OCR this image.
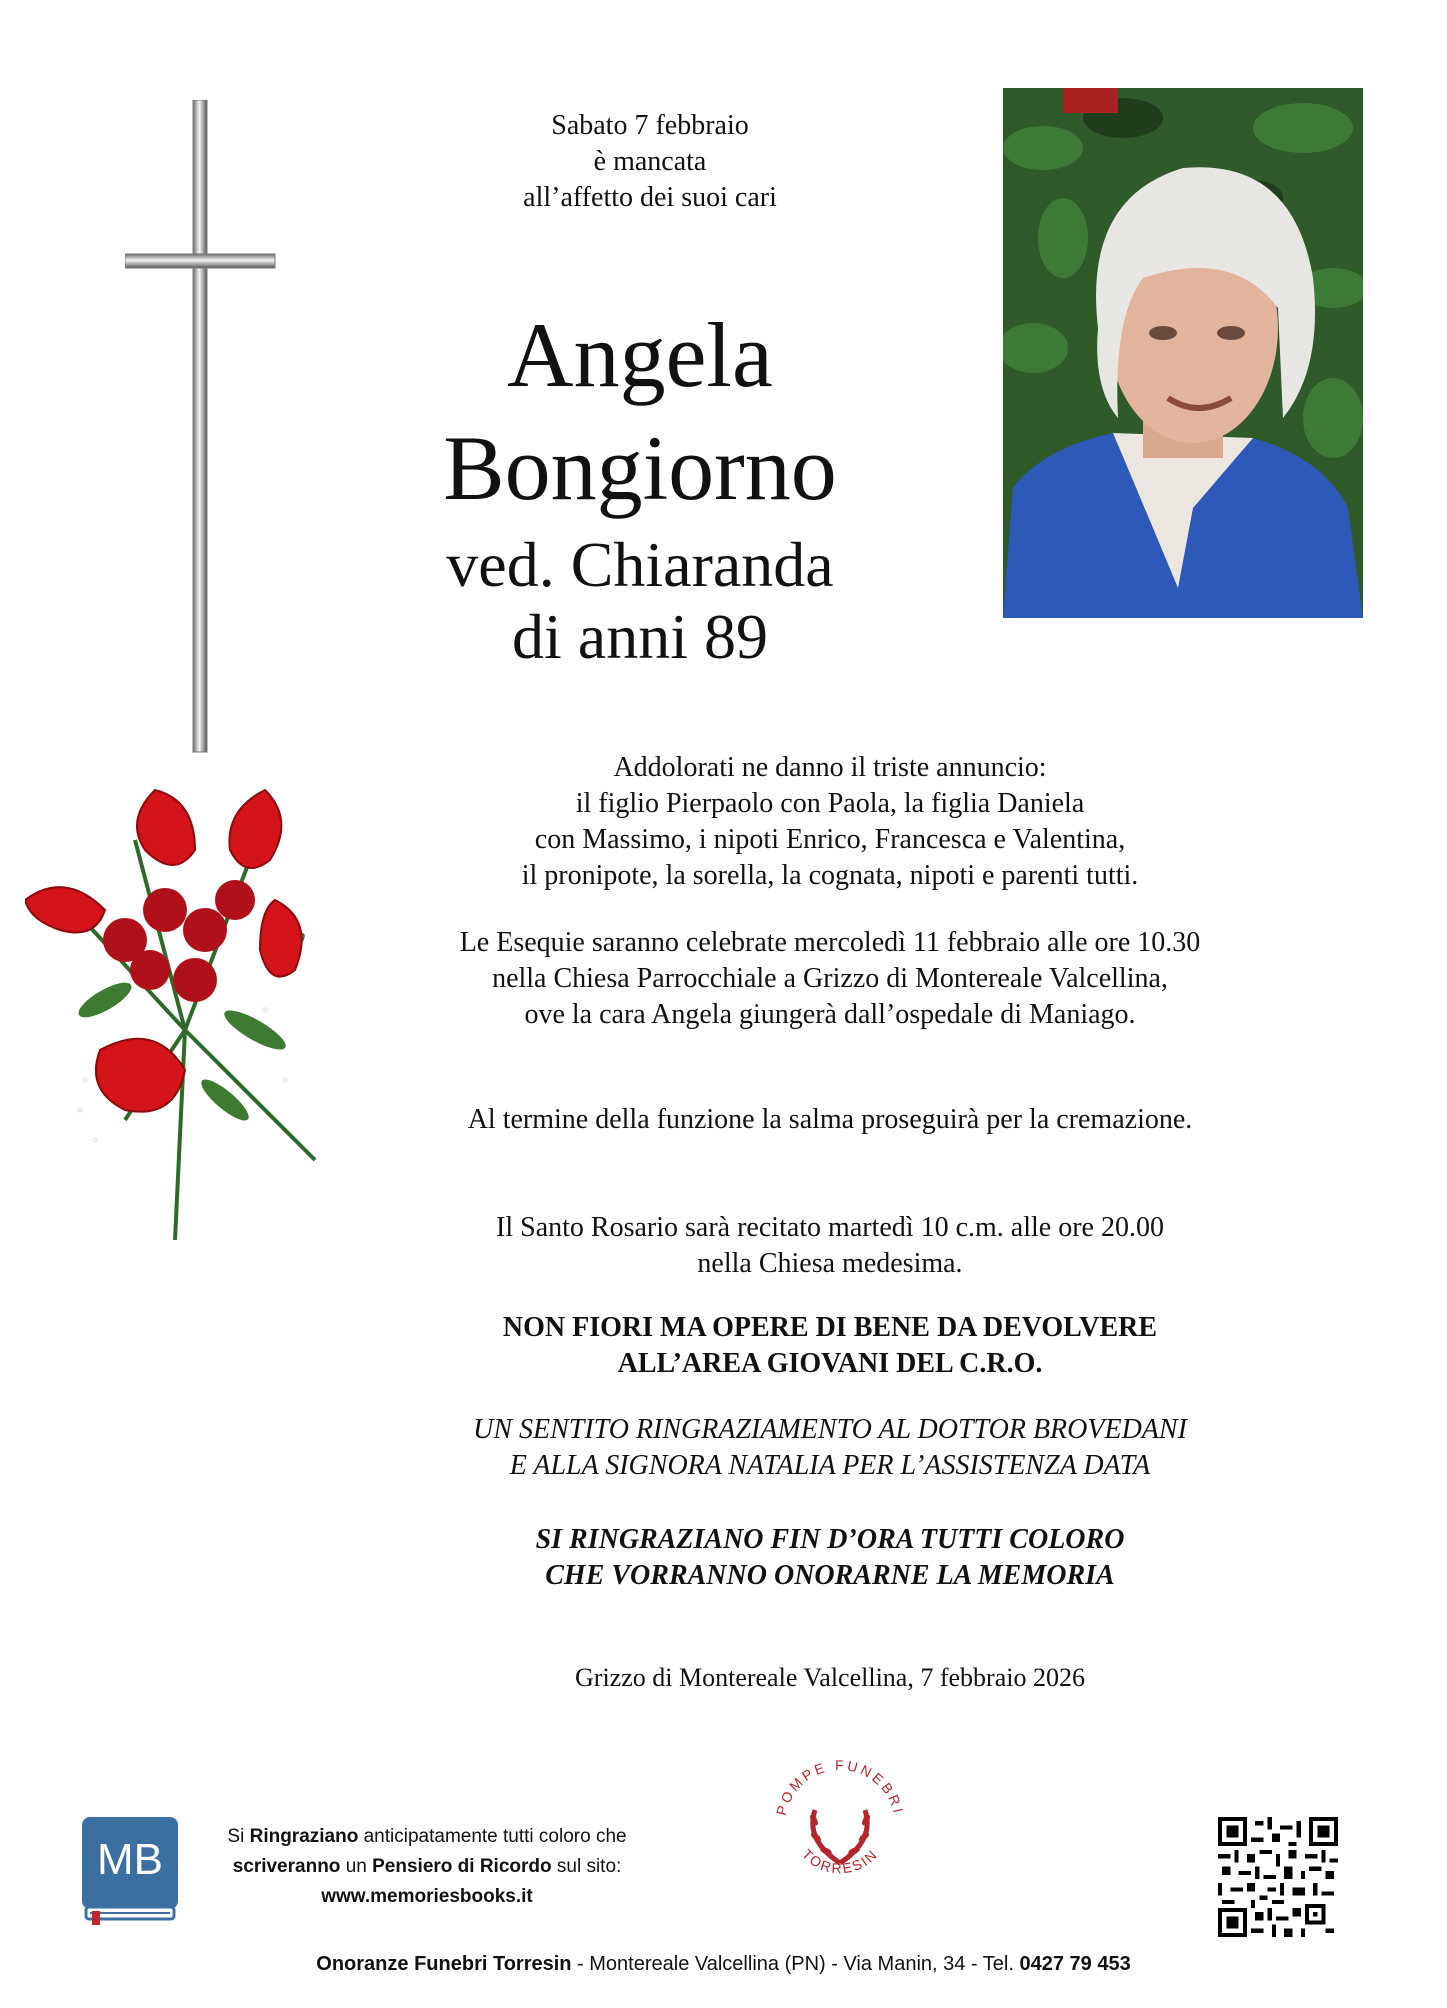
Sabato 7 febbraio
è mancata
all’affetto dei suoi cari
Angela
Bongiorno
ved. Chiaranda
di anni 89
Addolorati ne danno il triste annuncio:
il figlio Pierpaolo con Paola, la figlia Daniela
con Massimo, i nipoti Enrico, Francesca e Valentina,
il pronipote, la sorella, la cognata, nipoti e parenti tutti.
Le Esequie saranno celebrate mercoledì 11 febbraio alle ore 10.30
nella Chiesa Parrocchiale a Grizzo di Montereale Valcellina,
ove la cara Angela giungerà dall’ospedale di Maniago.
Al termine della funzione la salma proseguirà per la cremazione.
Il Santo Rosario sarà recitato martedì 10 c.m. alle ore 20.00
nella Chiesa medesima.
NON FIORI MA OPERE DI BENE DA DEVOLVERE
ALL’AREA GIOVANI DEL C.R.O.
UN SENTITO RINGRAZIAMENTO AL DOTTOR BROVEDANI
E ALLA SIGNORA NATALIA PER L’ASSISTENZA DATA
SI RINGRAZIANO FIN D’ORA TUTTI COLORO
CHE VORRANNO ONORARNE LA MEMORIA
Grizzo di Montereale Valcellina, 7 febbraio 2026
MB	Si Ringraziano anticipatamente tutti coloro che
scriveranno un Pensiero di Ricordo sul sito:
www.memoriesbooks.it
POMPE FUNEBRI
TORRESIN
Onoranze Funebri Torresin - Montereale Valcellina (PN) - Via Manin, 34 - Tel. 0427 79 453
